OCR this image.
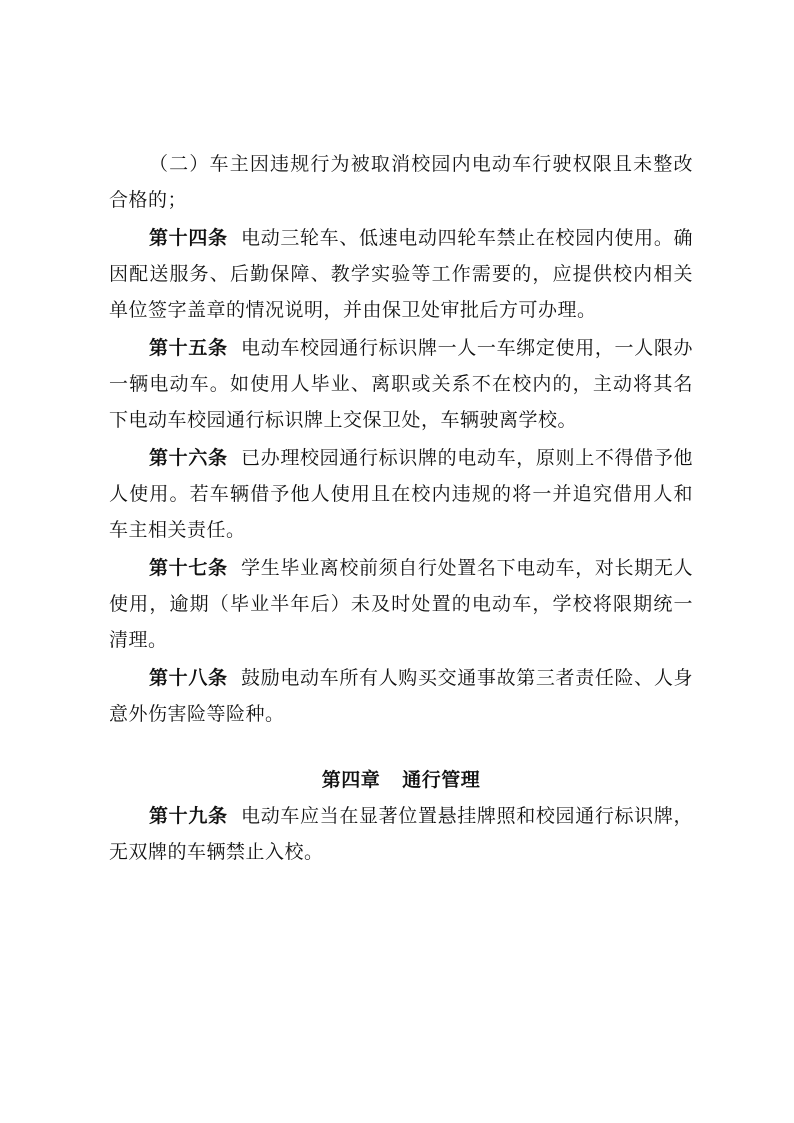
（二）车主因违规行为被取消校园内电动车行驶权限且未整改合格的；

第十四条 电动三轮车、低速电动四轮车禁止在校园内使用。确因配送服务、后勤保障、教学实验等工作需要的，应提供校内相关单位签字盖章的情况说明，并由保卫处审批后方可办理。

第十五条 电动车校园通行标识牌一人一车绑定使用，一人限办一辆电动车。如使用人毕业、离职或关系不在校内的，主动将其名下电动车校园通行标识牌上交保卫处，车辆驶离学校。

第十六条 已办理校园通行标识牌的电动车，原则上不得借予他人使用。若车辆借予他人使用且在校内违规的将一并追究借用人和车主相关责任。

第十七条 学生毕业离校前须自行处置名下电动车，对长期无人使用，逾期（毕业半年后）未及时处置的电动车，学校将限期统一清理。

第十八条 鼓励电动车所有人购买交通事故第三者责任险、人身意外伤害险等险种。

第四章 通行管理

第十九条 电动车应当在显著位置悬挂牌照和校园通行标识牌，无双牌的车辆禁止入校。
